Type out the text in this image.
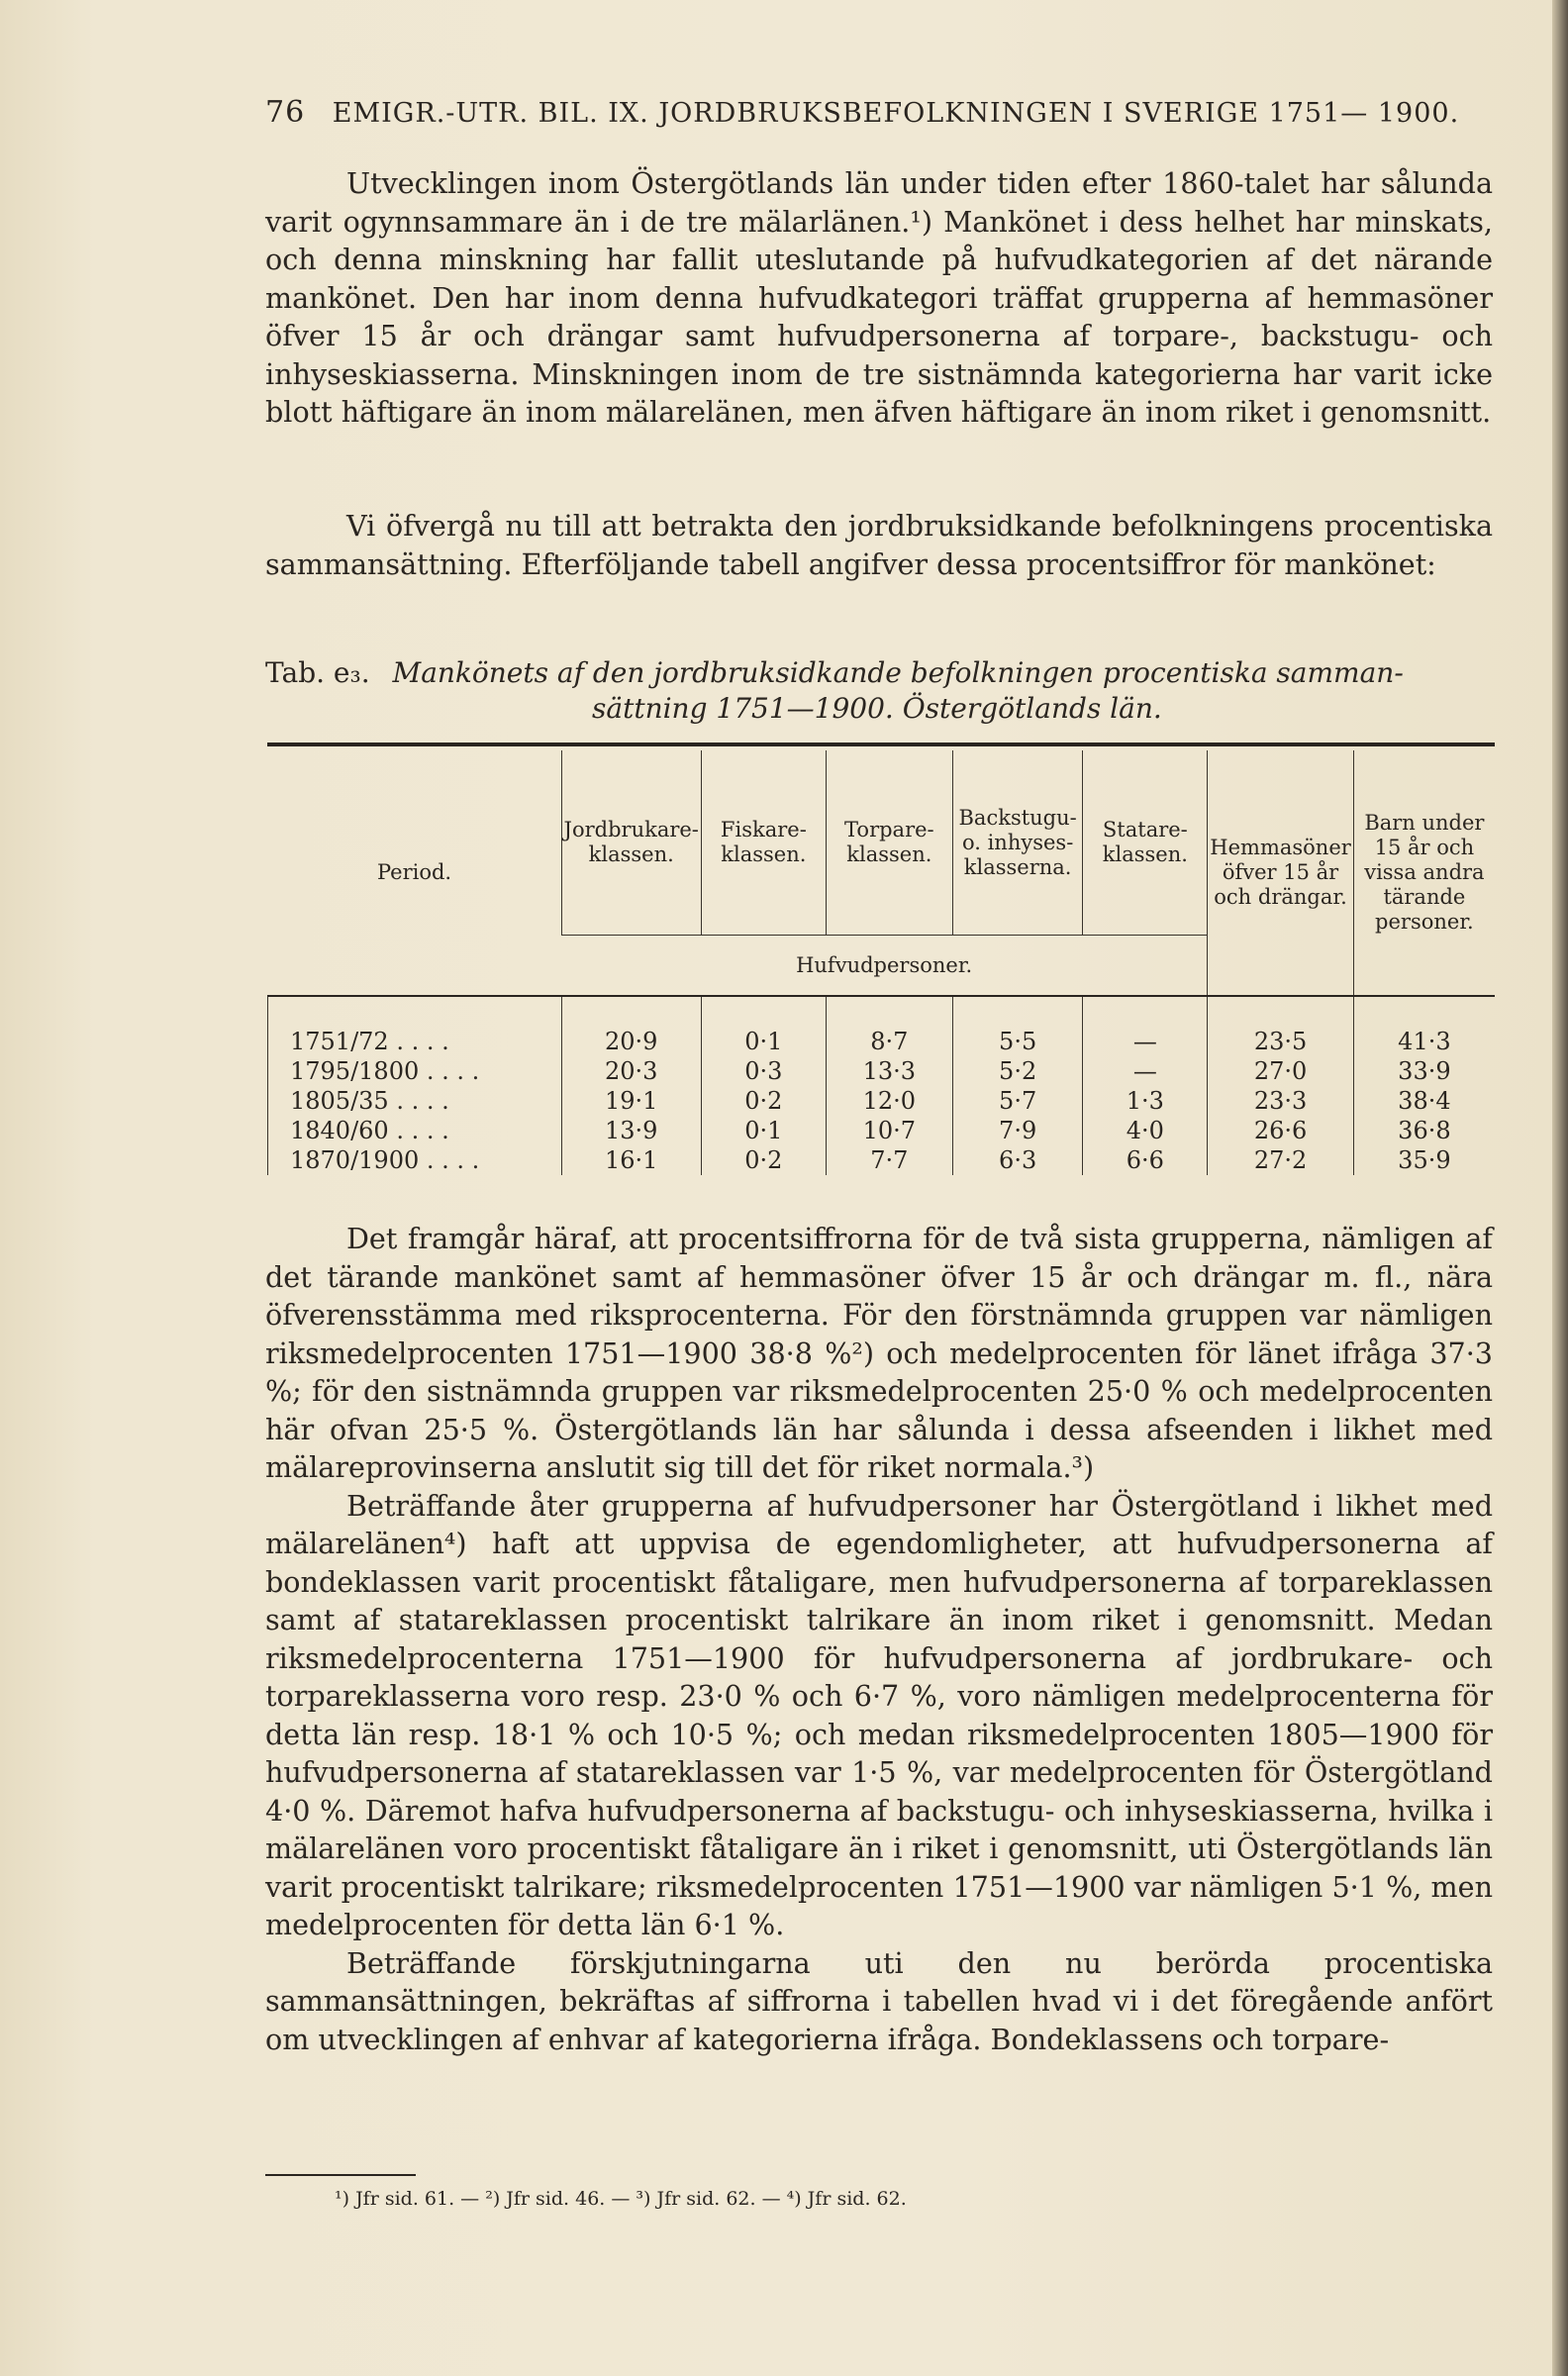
76 EMIGR.-UTR. BIL. IX. JORDBRUKSBEFOLKNINGEN I SVERIGE 1751— 1900.

Utvecklingen inom Östergötlands län under tiden efter 1860-talet har sålunda varit ogynnsammare än i de tre mälarlänen.¹) Mankönet i dess helhet har minskats, och denna minskning har fallit uteslutande på hufvudkategorien af det närande mankönet. Den har inom denna hufvudkategori träffat grupperna af hemmasöner öfver 15 år och drängar samt hufvudpersonerna af torpare-, backstugu- och inhyseskiasserna. Minskningen inom de tre sistnämnda kategorierna har varit icke blott häftigare än inom mälarelänen, men äfven häftigare än inom riket i genomsnitt.

Vi öfvergå nu till att betrakta den jordbruksidkande befolkningens procentiska sammansättning. Efterföljande tabell angifver dessa procentsiffror för mankönet:

Tab. e₃. Mankönets af den jordbruksidkande befolkningen procentiska samman-
sättning 1751—1900. Östergötlands län.
Period.	Jordbrukare-klassen.	Fiskare-klassen.	Torpare-klassen.	Backstugu- o. inhyses-klasserna.	Statare-klassen.	Hemmasöner öfver 15 år och drängar.	Barn under 15 år och vissa andra tärande personer.
	Hufvudpersoner.						

1751/72 . . . .	20·9	0·1	8·7	5·5	—	23·5	41·3
1795/1800 . . . .	20·3	0·3	13·3	5·2	—	27·0	33·9
1805/35 . . . .	19·1	0·2	12·0	5·7	1·3	23·3	38·4
1840/60 . . . .	13·9	0·1	10·7	7·9	4·0	26·6	36·8
1870/1900 . . . .	16·1	0·2	7·7	6·3	6·6	27·2	35·9

Det framgår häraf, att procentsiffrorna för de två sista grupperna, nämligen af det tärande mankönet samt af hemmasöner öfver 15 år och drängar m. fl., nära öfverensstämma med riksprocenterna. För den förstnämnda gruppen var nämligen riksmedelprocenten 1751—1900 38·8 %²) och medelprocenten för länet ifråga 37·3 %; för den sistnämnda gruppen var riksmedelprocenten 25·0 % och medelprocenten här ofvan 25·5 %. Östergötlands län har sålunda i dessa afseenden i likhet med mälareprovinserna anslutit sig till det för riket normala.³)

Beträffande åter grupperna af hufvudpersoner har Östergötland i likhet med mälarelänen⁴) haft att uppvisa de egendomligheter, att hufvudpersonerna af bondeklassen varit procentiskt fåtaligare, men hufvudpersonerna af torpareklassen samt af statareklassen procentiskt talrikare än inom riket i genomsnitt. Medan riksmedelprocenterna 1751—1900 för hufvudpersonerna af jordbrukare- och torpareklasserna voro resp. 23·0 % och 6·7 %, voro nämligen medelprocenterna för detta län resp. 18·1 % och 10·5 %; och medan riksmedelprocenten 1805—1900 för hufvudpersonerna af statareklassen var 1·5 %, var medelprocenten för Östergötland 4·0 %. Däremot hafva hufvudpersonerna af backstugu- och inhyseskiasserna, hvilka i mälarelänen voro procentiskt fåtaligare än i riket i genomsnitt, uti Östergötlands län varit procentiskt talrikare; riksmedelprocenten 1751—1900 var nämligen 5·1 %, men medelprocenten för detta län 6·1 %.

Beträffande förskjutningarna uti den nu berörda procentiska sammansättningen, bekräftas af siffrorna i tabellen hvad vi i det föregående anfört om utvecklingen af enhvar af kategorierna ifråga. Bondeklassens och torpare-

¹) Jfr sid. 61. — ²) Jfr sid. 46. — ³) Jfr sid. 62. — ⁴) Jfr sid. 62.
